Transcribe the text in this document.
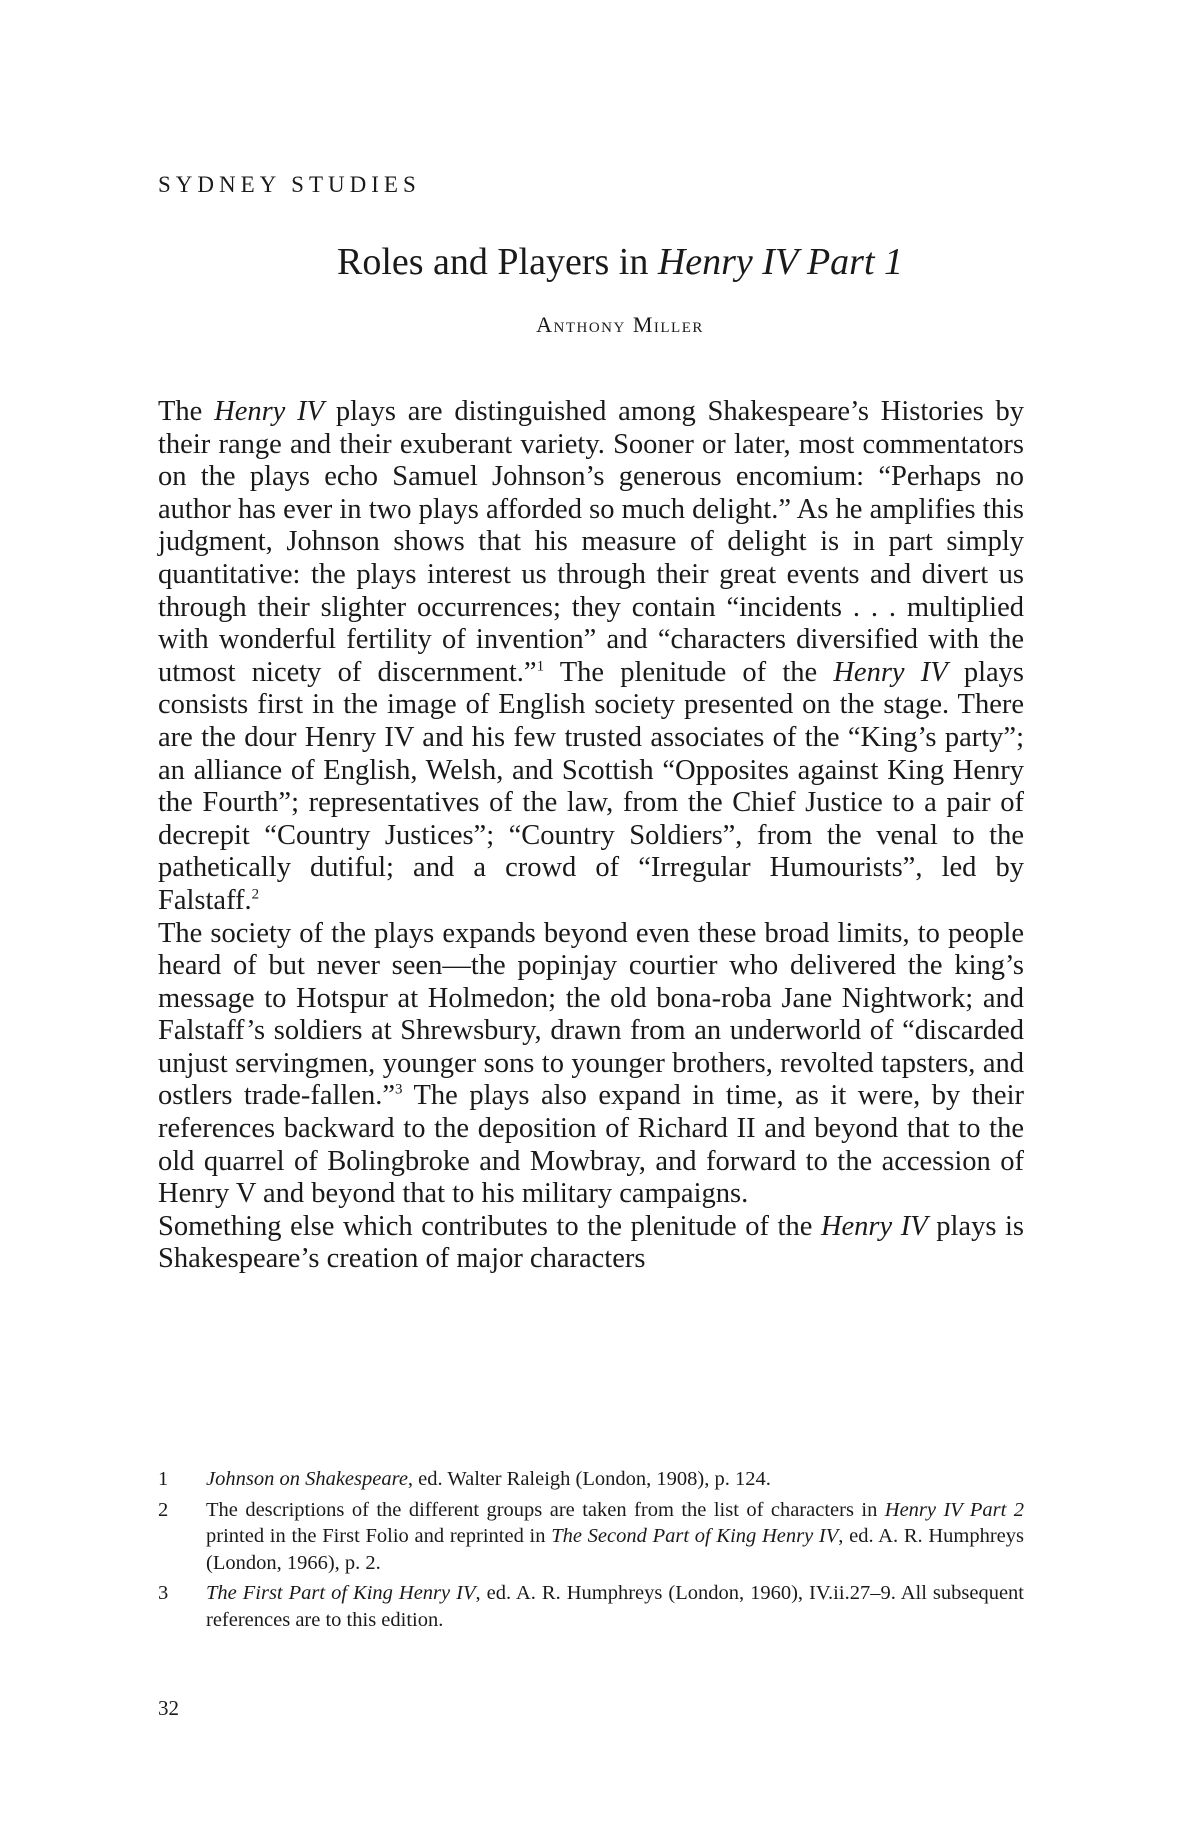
SYDNEY STUDIES
Roles and Players in Henry IV Part 1
Anthony Miller

The Henry IV plays are distinguished among Shakespeare’s Histories by their range and their exuberant variety. Sooner or later, most commentators on the plays echo Samuel Johnson’s generous encomium: “Perhaps no author has ever in two plays afforded so much delight.” As he amplifies this judgment, Johnson shows that his measure of delight is in part simply quantitative: the plays interest us through their great events and divert us through their slighter occurrences; they contain “incidents . . . multiplied with wonderful fertility of invention” and “characters diversified with the utmost nicety of discernment.”$^1$ The plenitude of the Henry IV plays consists first in the image of English society presented on the stage. There are the dour Henry IV and his few trusted associates of the “King’s party”; an alliance of English, Welsh, and Scottish “Opposites against King Henry the Fourth”; representatives of the law, from the Chief Justice to a pair of decrepit “Country Justices”; “Country Soldiers”, from the venal to the pathetically dutiful; and a crowd of “Irregular Humourists”, led by Falstaff.$^2$

The society of the plays expands beyond even these broad limits, to people heard of but never seen—the popinjay courtier who delivered the king’s message to Hotspur at Holmedon; the old bona-roba Jane Nightwork; and Falstaff’s soldiers at Shrewsbury, drawn from an underworld of “discarded unjust servingmen, younger sons to younger brothers, revolted tapsters, and ostlers trade-fallen.”$^3$ The plays also expand in time, as it were, by their references backward to the deposition of Richard II and beyond that to the old quarrel of Bolingbroke and Mowbray, and forward to the accession of Henry V and beyond that to his military campaigns.

Something else which contributes to the plenitude of the Henry IV plays is Shakespeare’s creation of major characters

1	Johnson on Shakespeare, ed. Walter Raleigh (London, 1908), p. 124.
2	The descriptions of the different groups are taken from the list of characters in Henry IV Part 2 printed in the First Folio and reprinted in The Second Part of King Henry IV, ed. A. R. Humphreys (London, 1966), p. 2.
3	The First Part of King Henry IV, ed. A. R. Humphreys (London, 1960), IV.ii.27–9. All subsequent references are to this edition.
32
